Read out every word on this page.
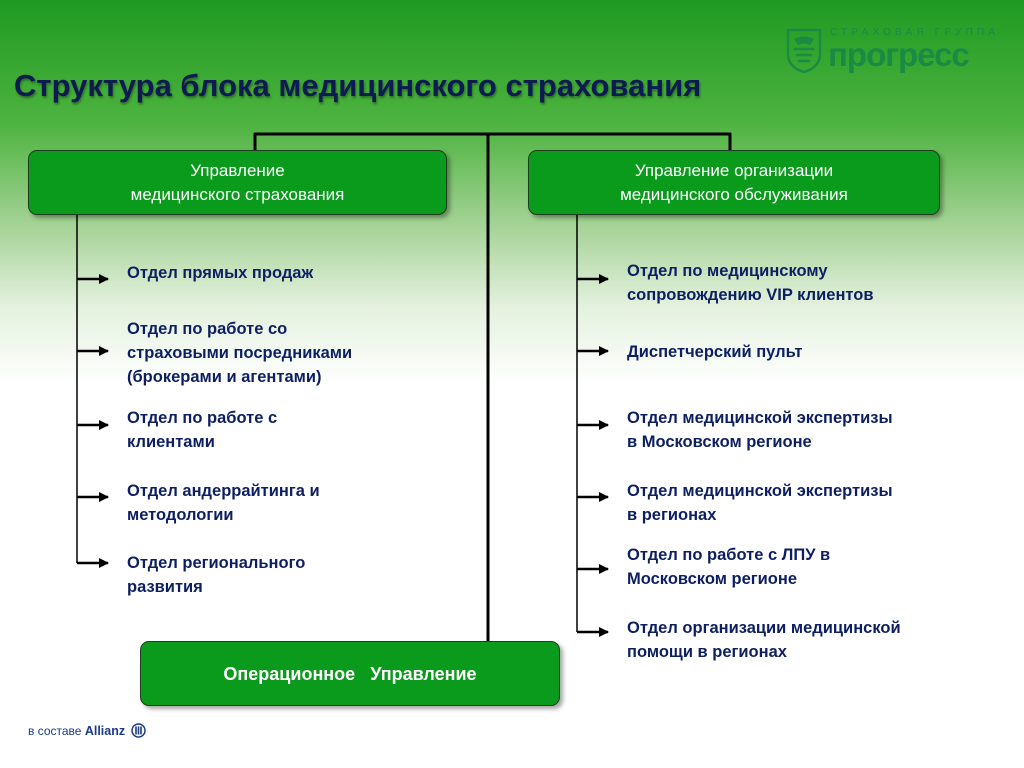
СТРАХОВАЯ ГРУППА
прогресс
Структура блока медицинского страхования
Управление
медицинского страхования
Управление организации
медицинского обслуживания
Операционное   Управление
Отдел прямых продаж
Отдел по работе со
страховыми посредниками
(брокерами и агентами)
Отдел по работе с
клиентами
Отдел андеррайтинга и
методологии
Отдел регионального
развития
Отдел по медицинскому
сопровождению VIP клиентов
Диспетчерский пульт
Отдел медицинской экспертизы
в Московском регионе
Отдел медицинской экспертизы
в регионах
Отдел по работе с ЛПУ в
Московском регионе
Отдел организации медицинской
помощи в регионах
в составе Allianz
